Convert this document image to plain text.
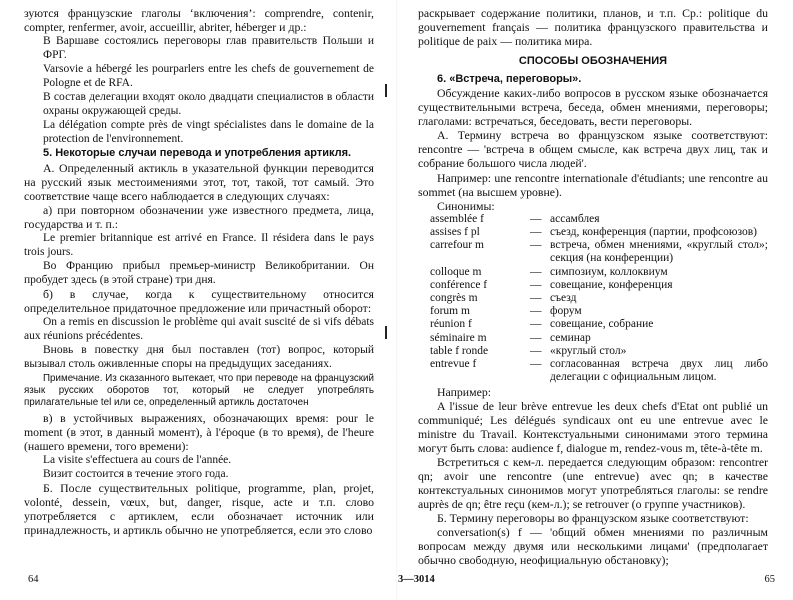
зуются французские глаголы ‘включения’: comprendre, contenir, compter, renfermer, avoir, accueillir, abriter, héberger и др.:

В Варшаве состоялись переговоры глав правительств Польши и ФРГ.

Varsovie a hébergé les pourparlers entre les chefs de gouvernement de Pologne et de RFA.

В состав делегации входят около двадцати специалистов в области охраны окружающей среды.

La délégation compte près de vingt spécialistes dans le domaine de la protection de l'environnement.

5. Некоторые случаи перевода и употребления артикля.

А. Определенный актикль в указательной функции переводится на русский язык местоимениями этот, тот, такой, тот самый. Это соответствие чаще всего наблюдается в следующих случаях:

а) при повторном обозначении уже известного предмета, лица, государства и т. п.:

Le premier britannique est arrivé en France. Il résidera dans le pays trois jours.

Во Францию прибыл премьер-министр Великобритании. Он пробудет здесь (в этой стране) три дня.

б) в случае, когда к существительному относится определительное придаточное предложение или причастный оборот:

On a remis en discussion le problème qui avait suscité de si vifs débats aux réunions précédentes.

Вновь в повестку дня был поставлен (тот) вопрос, который вызывал столь оживленные споры на предыдущих заседаниях.

Примечание. Из сказанного вытекает, что при переводе на французский язык русских оборотов тот, который не следует употреблять прилагательные tel или ce, определенный артикль достаточен

в) в устойчивых выражениях, обозначающих время: pour le moment (в этот, в данный момент), à l'époque (в то время), de l'heure (нашего времени, того времени):

La visite s'effectuera au cours de l'année.

Визит состоится в течение этого года.

Б. После существительных politique, programme, plan, projet, volonté, dessein, vœux, but, danger, risque, acte и т.п. слово употребляется с артиклем, если обозначает источник или принадлежность, и артикль обычно не употребляется, если это слово

64

раскрывает содержание политики, планов, и т.п. Ср.: politique du gouvernement français — политика французского правительства и politique de paix — политика мира.

СПОСОБЫ ОБОЗНАЧЕНИЯ

6. «Встреча, переговоры».

Обсуждение каких-либо вопросов в русском языке обозначается существительными встреча, беседа, обмен мнениями, переговоры; глаголами: встречаться, беседовать, вести переговоры.

А. Термину встреча во французском языке соответствуют: rencontre — 'встреча в общем смысле, как встреча двух лиц, так и собрание большого числа людей'.

Например: une rencontre internationale d'étudiants; une rencontre au sommet (на высшем уровне).

Синонимы:

assemblée f	— ассамблея
assises f pl	— съезд, конференция (партии, профсоюзов)
carrefour m	— встреча, обмен мнениями, «круглый стол»; секция (на конференции)
colloque m	— симпозиум, коллоквиум
conférence f	— совещание, конференция
congrès m	— съезд
forum m	— форум
réunion f	— совещание, собрание
séminaire m	— семинар
table f ronde	— «круглый стол»
entrevue f	— согласованная встреча двух лиц либо делегации с официальным лицом.

Например:

A l'issue de leur brève entrevue les deux chefs d'Etat ont publié un communiqué; Les délégués syndicaux ont eu une entrevue avec le ministre du Travail. Контекстуальными синонимами этого термина могут быть слова: audience f, dialogue m, rendez-vous m, tête-à-tête m.

Встретиться с кем-л. передается следующим образом: rencontrer qn; avoir une rencontre (une entrevue) avec qn; в качестве контекстуальных синонимов могут употребляться глаголы: se rendre auprès de qn; être reçu (кем-л.); se retrouver (о группе участников).

Б. Термину переговоры во французском языке соответствуют:

conversation(s) f — 'общий обмен мнениями по различным вопросам между двумя или несколькими лицами' (предполагает обычно свободную, неофициальную обстановку);

3—3014	65
